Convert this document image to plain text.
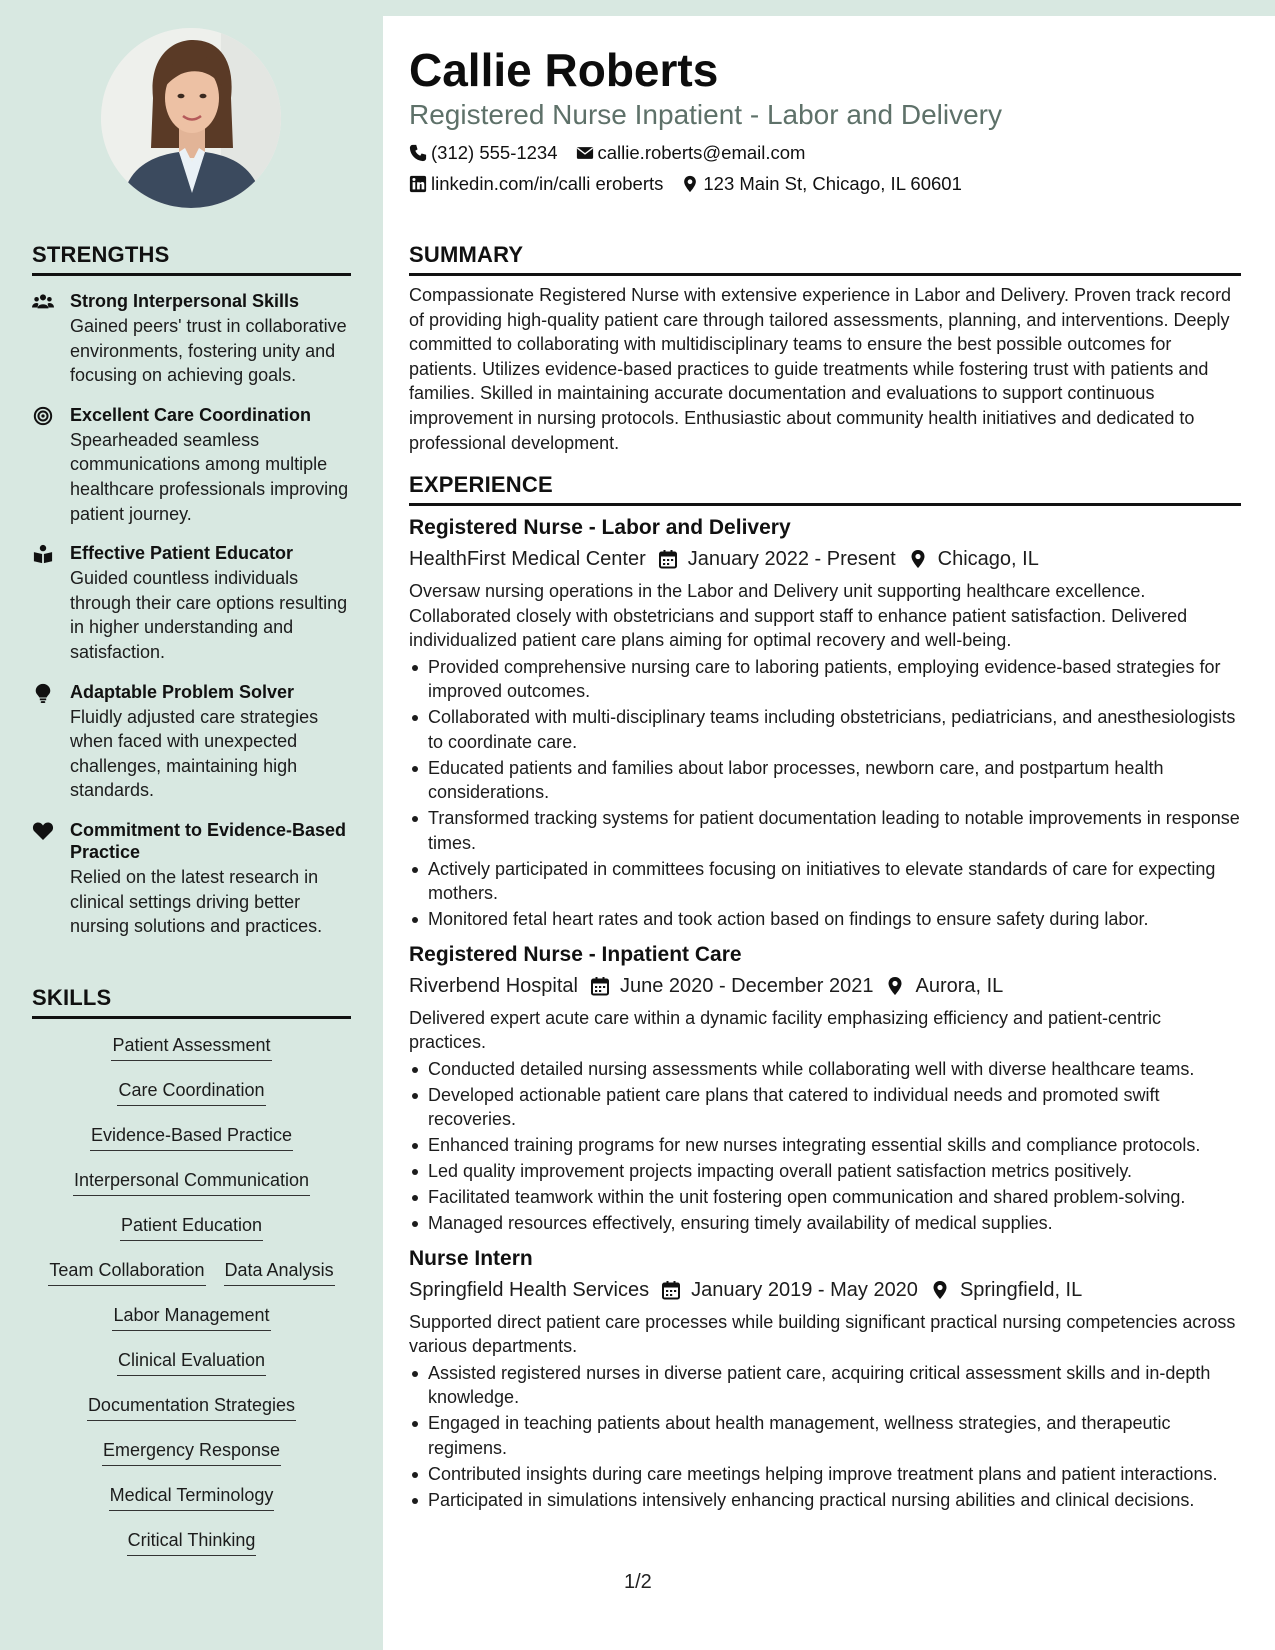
STRENGTHS
Strong Interpersonal Skills
Gained peers' trust in collaborative environments, fostering unity and focusing on achieving goals.
Excellent Care Coordination
Spearheaded seamless communications among multiple healthcare professionals improving patient journey.
Effective Patient Educator
Guided countless individuals through their care options resulting in higher understanding and satisfaction.
Adaptable Problem Solver
Fluidly adjusted care strategies when faced with unexpected challenges, maintaining high standards.
Commitment to Evidence-Based Practice
Relied on the latest research in clinical settings driving better nursing solutions and practices.
SKILLS
Patient Assessment
Care Coordination
Evidence-Based Practice
Interpersonal Communication
Patient Education
Team Collaboration Data Analysis
Labor Management
Clinical Evaluation
Documentation Strategies
Emergency Response
Medical Terminology
Critical Thinking
Callie Roberts
Registered Nurse Inpatient - Labor and Delivery
(312) 555-1234 callie.roberts@email.com
linkedin.com/in/calli eroberts 123 Main St, Chicago, IL 60601
SUMMARY

Compassionate Registered Nurse with extensive experience in Labor and Delivery. Proven track record of providing high-quality patient care through tailored assessments, planning, and interventions. Deeply committed to collaborating with multidisciplinary teams to ensure the best possible outcomes for patients. Utilizes evidence-based practices to guide treatments while fostering trust with patients and families. Skilled in maintaining accurate documentation and evaluations to support continuous improvement in nursing protocols. Enthusiastic about community health initiatives and dedicated to professional development.

EXPERIENCE
Registered Nurse - Labor and Delivery
HealthFirst Medical Center January 2022 - Present Chicago, IL

Oversaw nursing operations in the Labor and Delivery unit supporting healthcare excellence. Collaborated closely with obstetricians and support staff to enhance patient satisfaction. Delivered individualized patient care plans aiming for optimal recovery and well-being.

Provided comprehensive nursing care to laboring patients, employing evidence-based strategies for improved outcomes.
Collaborated with multi-disciplinary teams including obstetricians, pediatricians, and anesthesiologists to coordinate care.
Educated patients and families about labor processes, newborn care, and postpartum health considerations.
Transformed tracking systems for patient documentation leading to notable improvements in response times.
Actively participated in committees focusing on initiatives to elevate standards of care for expecting mothers.
Monitored fetal heart rates and took action based on findings to ensure safety during labor.
Registered Nurse - Inpatient Care
Riverbend Hospital June 2020 - December 2021 Aurora, IL

Delivered expert acute care within a dynamic facility emphasizing efficiency and patient-centric practices.

Conducted detailed nursing assessments while collaborating well with diverse healthcare teams.
Developed actionable patient care plans that catered to individual needs and promoted swift recoveries.
Enhanced training programs for new nurses integrating essential skills and compliance protocols.
Led quality improvement projects impacting overall patient satisfaction metrics positively.
Facilitated teamwork within the unit fostering open communication and shared problem-solving.
Managed resources effectively, ensuring timely availability of medical supplies.
Nurse Intern
Springfield Health Services January 2019 - May 2020 Springfield, IL

Supported direct patient care processes while building significant practical nursing competencies across various departments.

Assisted registered nurses in diverse patient care, acquiring critical assessment skills and in-depth knowledge.
Engaged in teaching patients about health management, wellness strategies, and therapeutic regimens.
Contributed insights during care meetings helping improve treatment plans and patient interactions.
Participated in simulations intensively enhancing practical nursing abilities and clinical decisions.
1/2
